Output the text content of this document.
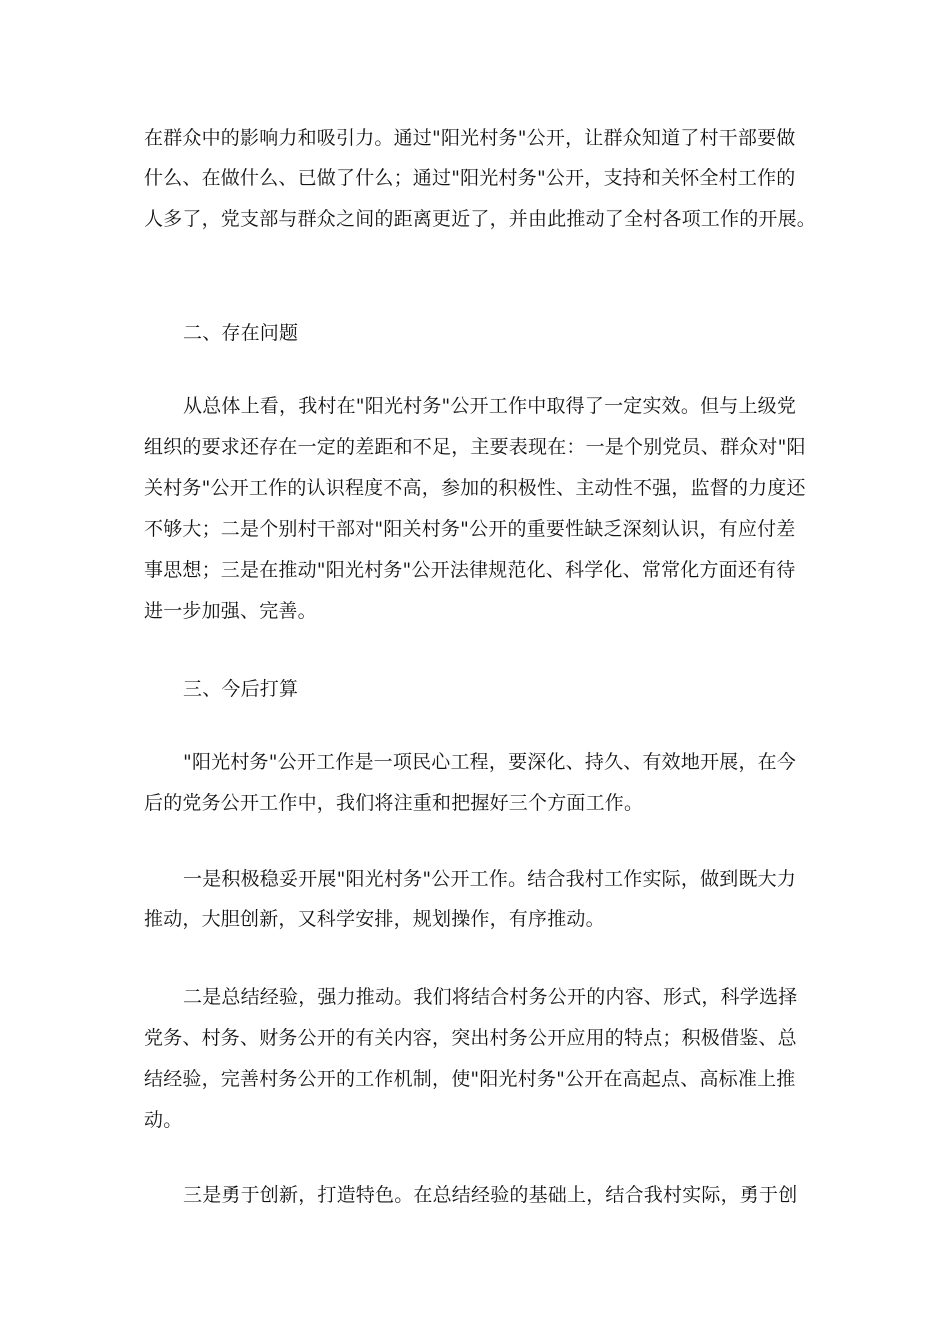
在群众中的影响力和吸引力。通过"阳光村务"公开，让群众知道了村干部要做
什么、在做什么、已做了什么；通过"阳光村务"公开，支持和关怀全村工作的
人多了，党支部与群众之间的距离更近了，并由此推动了全村各项工作的开展。
二、存在问题
从总体上看，我村在"阳光村务"公开工作中取得了一定实效。但与上级党
组织的要求还存在一定的差距和不足，主要表现在：一是个别党员、群众对"阳
关村务"公开工作的认识程度不高，参加的积极性、主动性不强，监督的力度还
不够大；二是个别村干部对"阳关村务"公开的重要性缺乏深刻认识，有应付差
事思想；三是在推动"阳光村务"公开法律规范化、科学化、常常化方面还有待
进一步加强、完善。
三、今后打算
"阳光村务"公开工作是一项民心工程，要深化、持久、有效地开展，在今
后的党务公开工作中，我们将注重和把握好三个方面工作。
一是积极稳妥开展"阳光村务"公开工作。结合我村工作实际，做到既大力
推动，大胆创新，又科学安排，规划操作，有序推动。
二是总结经验，强力推动。我们将结合村务公开的内容、形式，科学选择
党务、村务、财务公开的有关内容，突出村务公开应用的特点；积极借鉴、总
结经验，完善村务公开的工作机制，使"阳光村务"公开在高起点、高标准上推
动。
三是勇于创新，打造特色。在总结经验的基础上，结合我村实际，勇于创
